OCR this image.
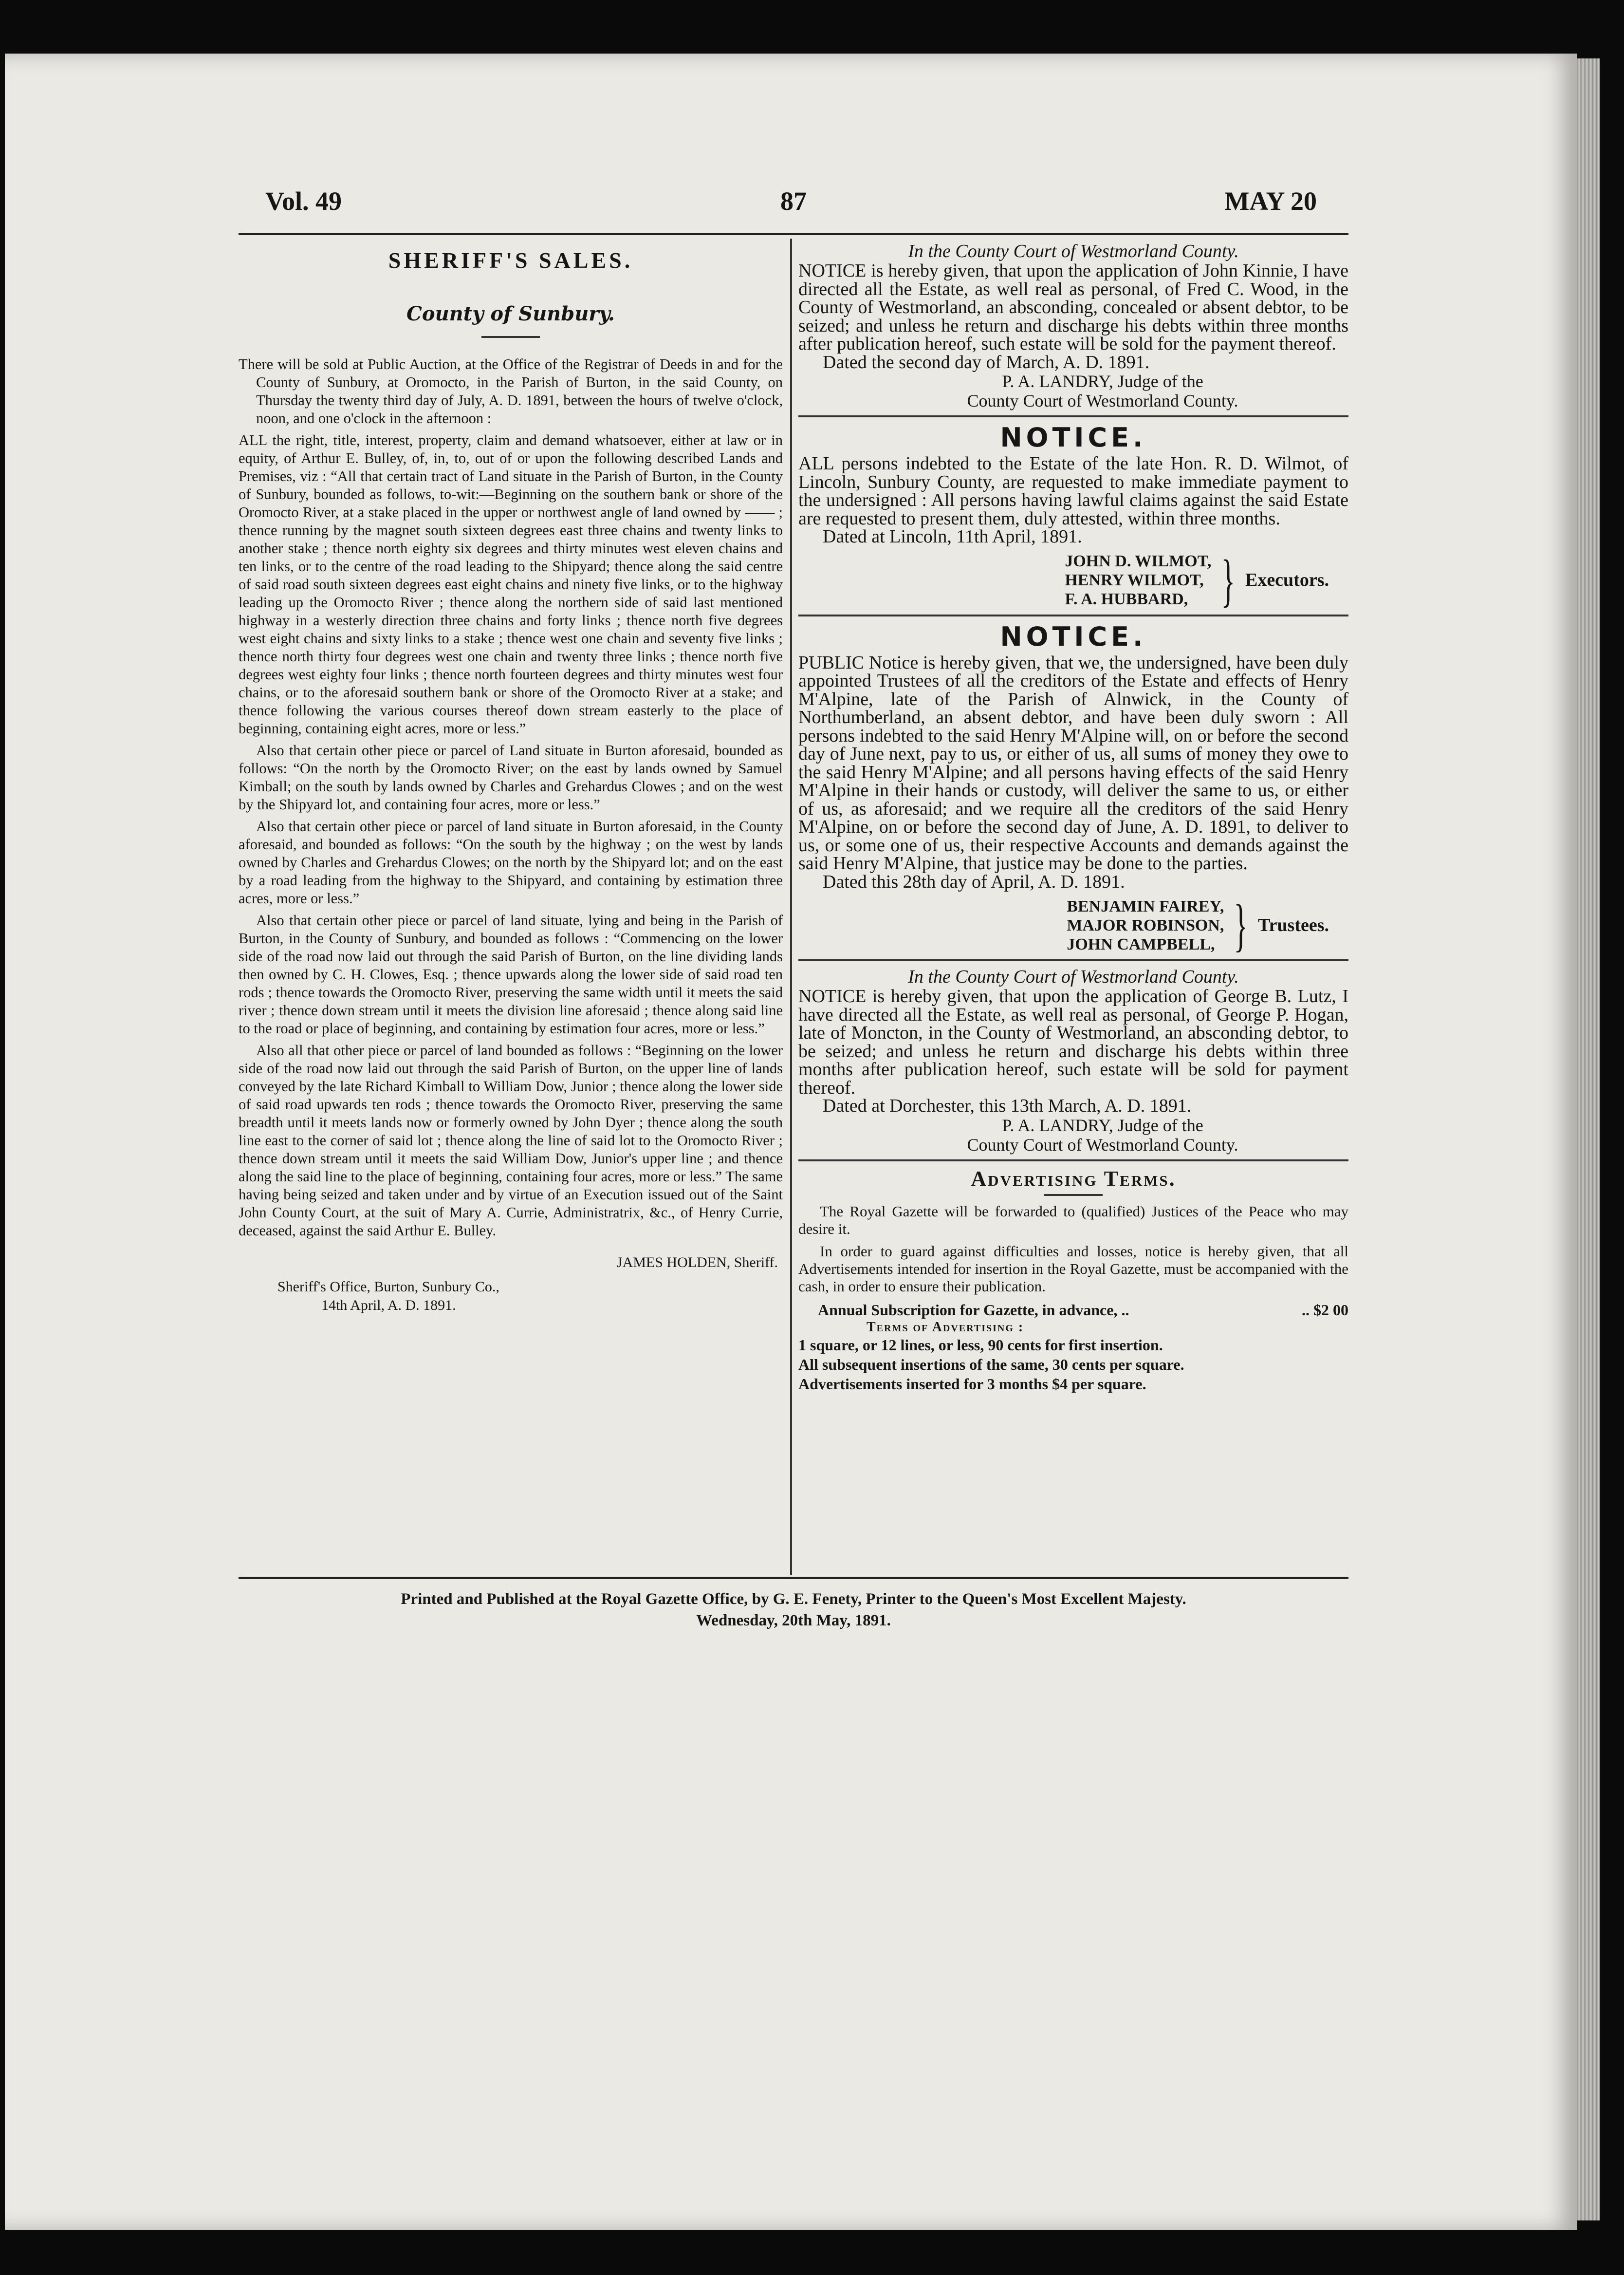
Vol. 49	87	MAY 20
SHERIFF'S SALES.
County of Sunbury.

There will be sold at Public Auction, at the Office of the Registrar of Deeds in and for the County of Sunbury, at Oromocto, in the Parish of Burton, in the said County, on Thursday the twenty third day of July, A. D. 1891, between the hours of twelve o'clock, noon, and one o'clock in the afternoon :

ALL the right, title, interest, property, claim and demand whatsoever, either at law or in equity, of Arthur E. Bulley, of, in, to, out of or upon the following described Lands and Premises, viz : “All that certain tract of Land situate in the Parish of Burton, in the County of Sunbury, bounded as follows, to-wit:—Beginning on the southern bank or shore of the Oromocto River, at a stake placed in the upper or northwest angle of land owned by —— ; thence running by the magnet south sixteen degrees east three chains and twenty links to another stake ; thence north eighty six degrees and thirty minutes west eleven chains and ten links, or to the centre of the road leading to the Shipyard; thence along the said centre of said road south sixteen degrees east eight chains and ninety five links, or to the highway leading up the Oromocto River ; thence along the northern side of said last mentioned highway in a westerly direction three chains and forty links ; thence north five degrees west eight chains and sixty links to a stake ; thence west one chain and seventy five links ; thence north thirty four degrees west one chain and twenty three links ; thence north five degrees west eighty four links ; thence north fourteen degrees and thirty minutes west four chains, or to the aforesaid southern bank or shore of the Oromocto River at a stake; and thence following the various courses thereof down stream easterly to the place of beginning, containing eight acres, more or less.”

Also that certain other piece or parcel of Land situate in Burton aforesaid, bounded as follows: “On the north by the Oromocto River; on the east by lands owned by Samuel Kimball; on the south by lands owned by Charles and Grehardus Clowes ; and on the west by the Shipyard lot, and containing four acres, more or less.”

Also that certain other piece or parcel of land situate in Burton aforesaid, in the County aforesaid, and bounded as follows: “On the south by the highway ; on the west by lands owned by Charles and Grehardus Clowes; on the north by the Shipyard lot; and on the east by a road leading from the highway to the Shipyard, and containing by estimation three acres, more or less.”

Also that certain other piece or parcel of land situate, lying and being in the Parish of Burton, in the County of Sunbury, and bounded as follows : “Commencing on the lower side of the road now laid out through the said Parish of Burton, on the line dividing lands then owned by C. H. Clowes, Esq. ; thence upwards along the lower side of said road ten rods ; thence towards the Oromocto River, preserving the same width until it meets the said river ; thence down stream until it meets the division line aforesaid ; thence along said line to the road or place of beginning, and containing by estimation four acres, more or less.”

Also all that other piece or parcel of land bounded as follows : “Beginning on the lower side of the road now laid out through the said Parish of Burton, on the upper line of lands conveyed by the late Richard Kimball to William Dow, Junior ; thence along the lower side of said road upwards ten rods ; thence towards the Oromocto River, preserving the same breadth until it meets lands now or formerly owned by John Dyer ; thence along the south line east to the corner of said lot ; thence along the line of said lot to the Oromocto River ; thence down stream until it meets the said William Dow, Junior's upper line ; and thence along the said line to the place of beginning, containing four acres, more or less.” The same having being seized and taken under and by virtue of an Execution issued out of the Saint John County Court, at the suit of Mary A. Currie, Administratrix, &c., of Henry Currie, deceased, against the said Arthur E. Bulley.

JAMES HOLDEN, Sheriff.
Sheriff's Office, Burton, Sunbury Co.,
14th April, A. D. 1891.
In the County Court of Westmorland County.

NOTICE is hereby given, that upon the application of John Kinnie, I have directed all the Estate, as well real as personal, of Fred C. Wood, in the County of Westmorland, an absconding, concealed or absent debtor, to be seized; and unless he return and discharge his debts within three months after publication hereof, such estate will be sold for the payment thereof.

Dated the second day of March, A. D. 1891.

P. A. LANDRY, Judge of the
County Court of Westmorland County.
NOTICE.

ALL persons indebted to the Estate of the late Hon. R. D. Wilmot, of Lincoln, Sunbury County, are requested to make immediate payment to the undersigned : All persons having lawful claims against the said Estate are requested to present them, duly attested, within three months.

Dated at Lincoln, 11th April, 1891.

JOHN D. WILMOT,
HENRY WILMOT,
F. A. HUBBARD, } Executors.
NOTICE.

PUBLIC Notice is hereby given, that we, the undersigned, have been duly appointed Trustees of all the creditors of the Estate and effects of Henry M'Alpine, late of the Parish of Alnwick, in the County of Northumberland, an absent debtor, and have been duly sworn : All persons indebted to the said Henry M'Alpine will, on or before the second day of June next, pay to us, or either of us, all sums of money they owe to the said Henry M'Alpine; and all persons having effects of the said Henry M'Alpine in their hands or custody, will deliver the same to us, or either of us, as aforesaid; and we require all the creditors of the said Henry M'Alpine, on or before the second day of June, A. D. 1891, to deliver to us, or some one of us, their respective Accounts and demands against the said Henry M'Alpine, that justice may be done to the parties.

Dated this 28th day of April, A. D. 1891.

BENJAMIN FAIREY,
MAJOR ROBINSON,
JOHN CAMPBELL, } Trustees.
In the County Court of Westmorland County.

NOTICE is hereby given, that upon the application of George B. Lutz, I have directed all the Estate, as well real as personal, of George P. Hogan, late of Moncton, in the County of Westmorland, an absconding debtor, to be seized; and unless he return and discharge his debts within three months after publication hereof, such estate will be sold for payment thereof.

Dated at Dorchester, this 13th March, A. D. 1891.

P. A. LANDRY, Judge of the
County Court of Westmorland County.
Advertising Terms.

The Royal Gazette will be forwarded to (qualified) Justices of the Peace who may desire it.

In order to guard against difficulties and losses, notice is hereby given, that all Advertisements intended for insertion in the Royal Gazette, must be accompanied with the cash, in order to ensure their publication.

Annual Subscription for Gazette, in advance, ..	.. $2 00
Terms of Advertising :
1 square, or 12 lines, or less, 90 cents for first insertion.
All subsequent insertions of the same, 30 cents per square.
Advertisements inserted for 3 months $4 per square.
Printed and Published at the Royal Gazette Office, by G. E. Fenety, Printer to the Queen's Most Excellent Majesty.
Wednesday, 20th May, 1891.
